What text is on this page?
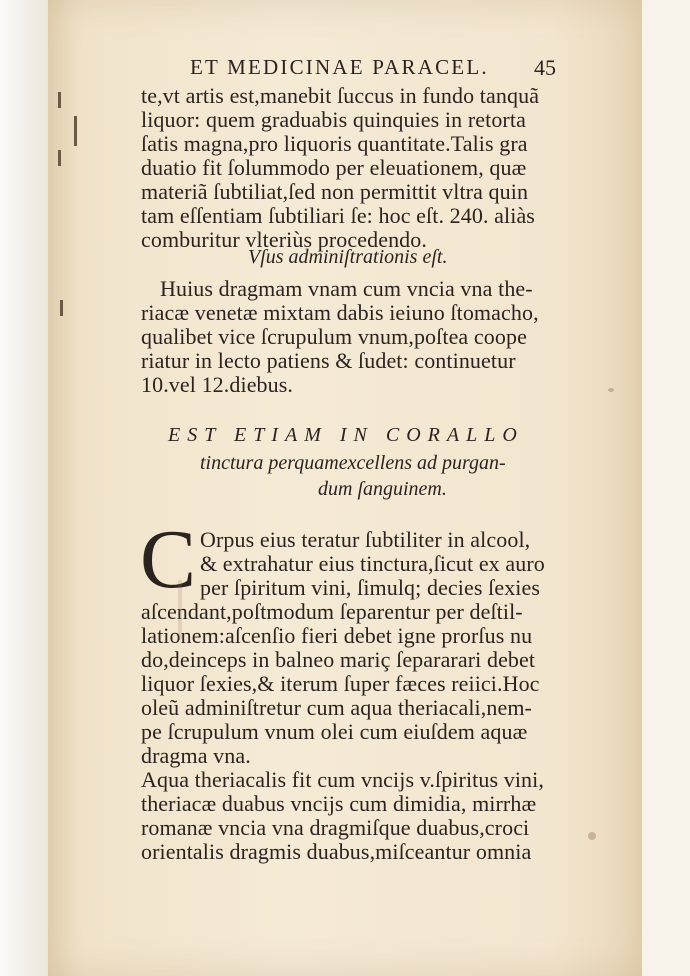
ET MEDICINAE PARACEL. 45
te,vt artis est,manebit ſuccus in fundo tanquã
liquor: quem graduabis quinquies in retorta
ſatis magna,pro liquoris quantitate.Talis gra
duatio fit ſolummodo per eleuationem, quæ
materiã ſubtiliat,ſed non permittit vltra quin
tam eſſentiam ſubtiliari ſe: hoc eſt. 240. aliàs
comburitur vlteriùs procedendo.
Vſus adminiſtrationis eſt.
Huius dragmam vnam cum vncia vna the-
riacæ venetæ mixtam dabis ieiuno ſtomacho,
qualibet vice ſcrupulum vnum,poſtea coope
riatur in lecto patiens & ſudet: continuetur
10.vel 12.diebus.
EST ETIAM IN CORALLO
tinctura perquamexcellens ad purgan-
dum ſanguinem.
C Orpus eius teratur ſubtiliter in alcool,
& extrahatur eius tinctura,ſicut ex auro
per ſpiritum vini, ſimulq; decies ſexies
aſcendant,poſtmodum ſeparentur per deſtil-
lationem:aſcenſio fieri debet igne prorſus nu
do,deinceps in balneo mariç ſepararari debet
liquor ſexies,& iterum ſuper fæces reiici.Hoc
oleũ adminiſtretur cum aqua theriacali,nem-
pe ſcrupulum vnum olei cum eiuſdem aquæ
dragma vna.
Aqua theriacalis fit cum vncijs v.ſpiritus vini,
theriacæ duabus vncijs cum dimidia, mirrhæ
romanæ vncia vna dragmiſque duabus,croci
orientalis dragmis duabus,miſceantur omnia
